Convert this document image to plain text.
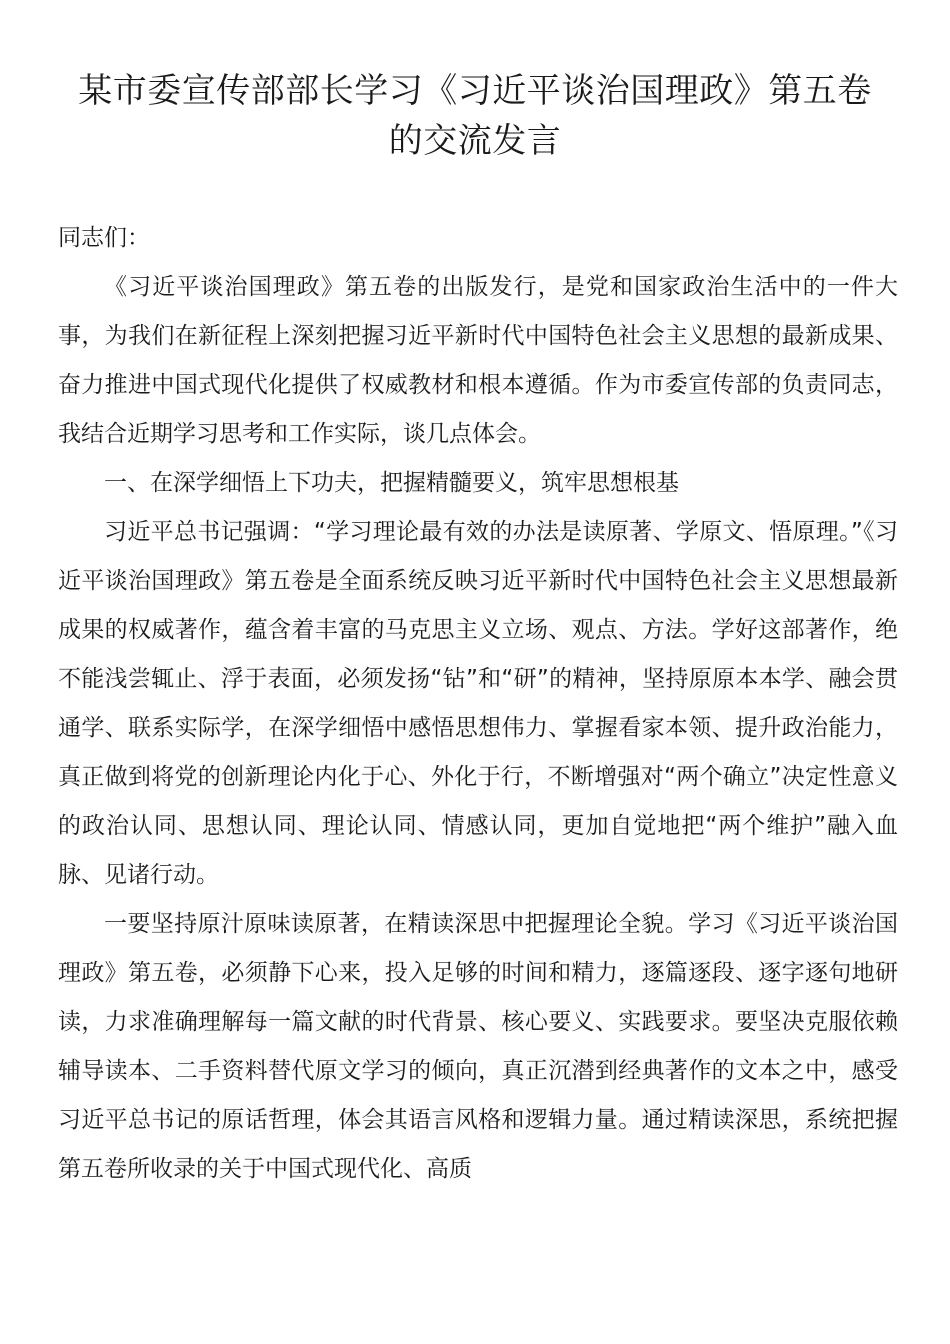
某市委宣传部部长学习《习近平谈治国理政》第五卷
的交流发言

同志们：

《习近平谈治国理政》第五卷的出版发行，是党和国家政治生活中的一件大事，为我们在新征程上深刻把握习近平新时代中国特色社会主义思想的最新成果、奋力推进中国式现代化提供了权威教材和根本遵循。作为市委宣传部的负责同志，我结合近期学习思考和工作实际，谈几点体会。

一、在深学细悟上下功夫，把握精髓要义，筑牢思想根基

习近平总书记强调：“学习理论最有效的办法是读原著、学原文、悟原理。”《习近平谈治国理政》第五卷是全面系统反映习近平新时代中国特色社会主义思想最新成果的权威著作，蕴含着丰富的马克思主义立场、观点、方法。学好这部著作，绝不能浅尝辄止、浮于表面，必须发扬“钻”和“研”的精神，坚持原原本本学、融会贯通学、联系实际学，在深学细悟中感悟思想伟力、掌握看家本领、提升政治能力，真正做到将党的创新理论内化于心、外化于行，不断增强对“两个确立”决定性意义的政治认同、思想认同、理论认同、情感认同，更加自觉地把“两个维护”融入血脉、见诸行动。

一要坚持原汁原味读原著，在精读深思中把握理论全貌。学习《习近平谈治国理政》第五卷，必须静下心来，投入足够的时间和精力，逐篇逐段、逐字逐句地研读，力求准确理解每一篇文献的时代背景、核心要义、实践要求。要坚决克服依赖辅导读本、二手资料替代原文学习的倾向，真正沉潜到经典著作的文本之中，感受习近平总书记的原话哲理，体会其语言风格和逻辑力量。通过精读深思，系统把握第五卷所收录的关于中国式现代化、高质
